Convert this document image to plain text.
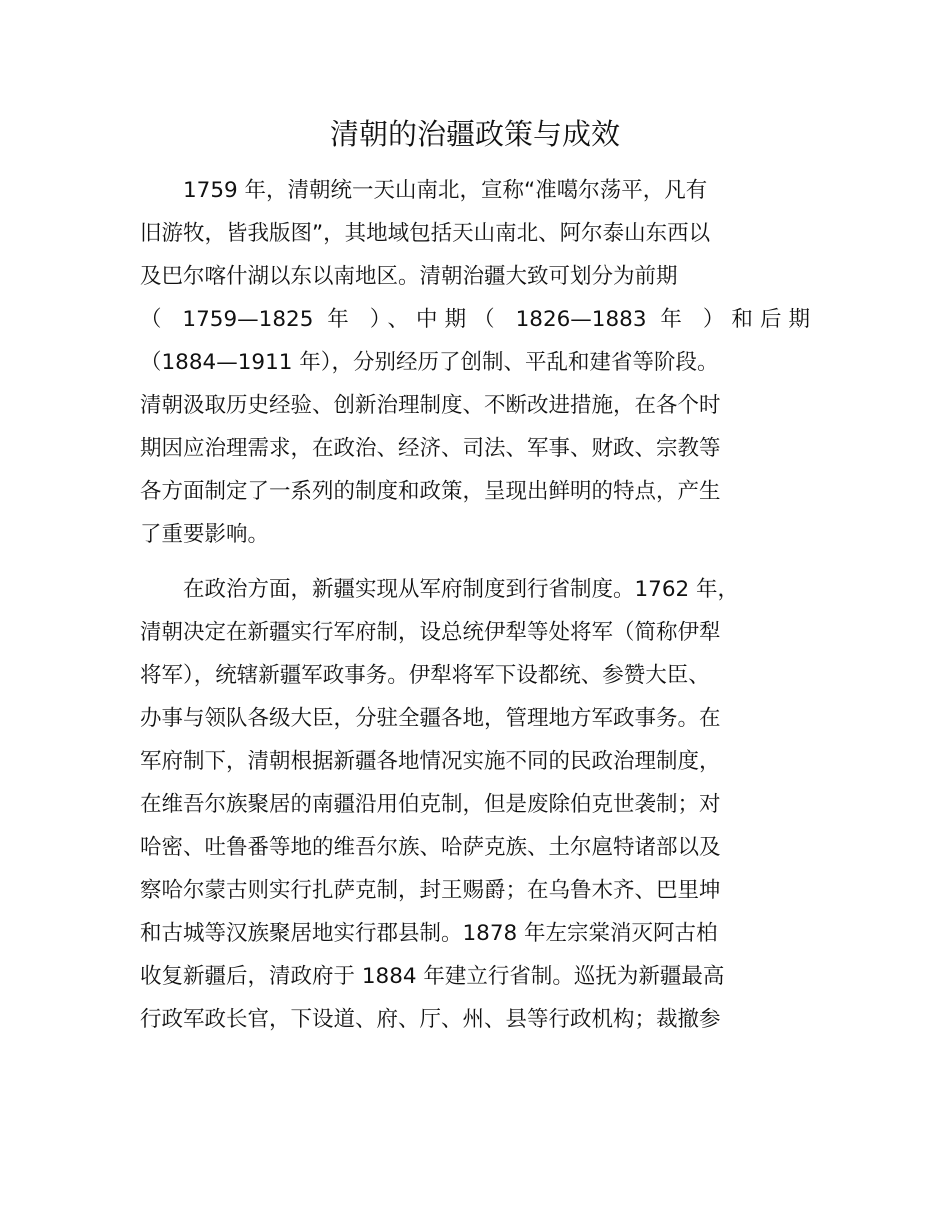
清朝的治疆政策与成效
　　1759 年，清朝统一天山南北，宣称“准噶尔荡平，凡有
旧游牧，皆我版图”，其地域包括天山南北、阿尔泰山东西以
及巴尔喀什湖以东以南地区。清朝治疆大致可划分为前期
（ 1759—1825 年 ）、中期（ 1826—1883 年 ）和后期
（1884—1911 年），分别经历了创制、平乱和建省等阶段。
清朝汲取历史经验、创新治理制度、不断改进措施，在各个时
期因应治理需求，在政治、经济、司法、军事、财政、宗教等
各方面制定了一系列的制度和政策，呈现出鲜明的特点，产生
了重要影响。
　　在政治方面，新疆实现从军府制度到行省制度。1762 年，
清朝决定在新疆实行军府制，设总统伊犁等处将军（简称伊犁
将军），统辖新疆军政事务。伊犁将军下设都统、参赞大臣、
办事与领队各级大臣，分驻全疆各地，管理地方军政事务。在
军府制下，清朝根据新疆各地情况实施不同的民政治理制度，
在维吾尔族聚居的南疆沿用伯克制，但是废除伯克世袭制；对
哈密、吐鲁番等地的维吾尔族、哈萨克族、土尔扈特诸部以及
察哈尔蒙古则实行扎萨克制，封王赐爵；在乌鲁木齐、巴里坤
和古城等汉族聚居地实行郡县制。1878 年左宗棠消灭阿古柏
收复新疆后，清政府于 1884 年建立行省制。巡抚为新疆最高
行政军政长官，下设道、府、厅、州、县等行政机构；裁撤参
